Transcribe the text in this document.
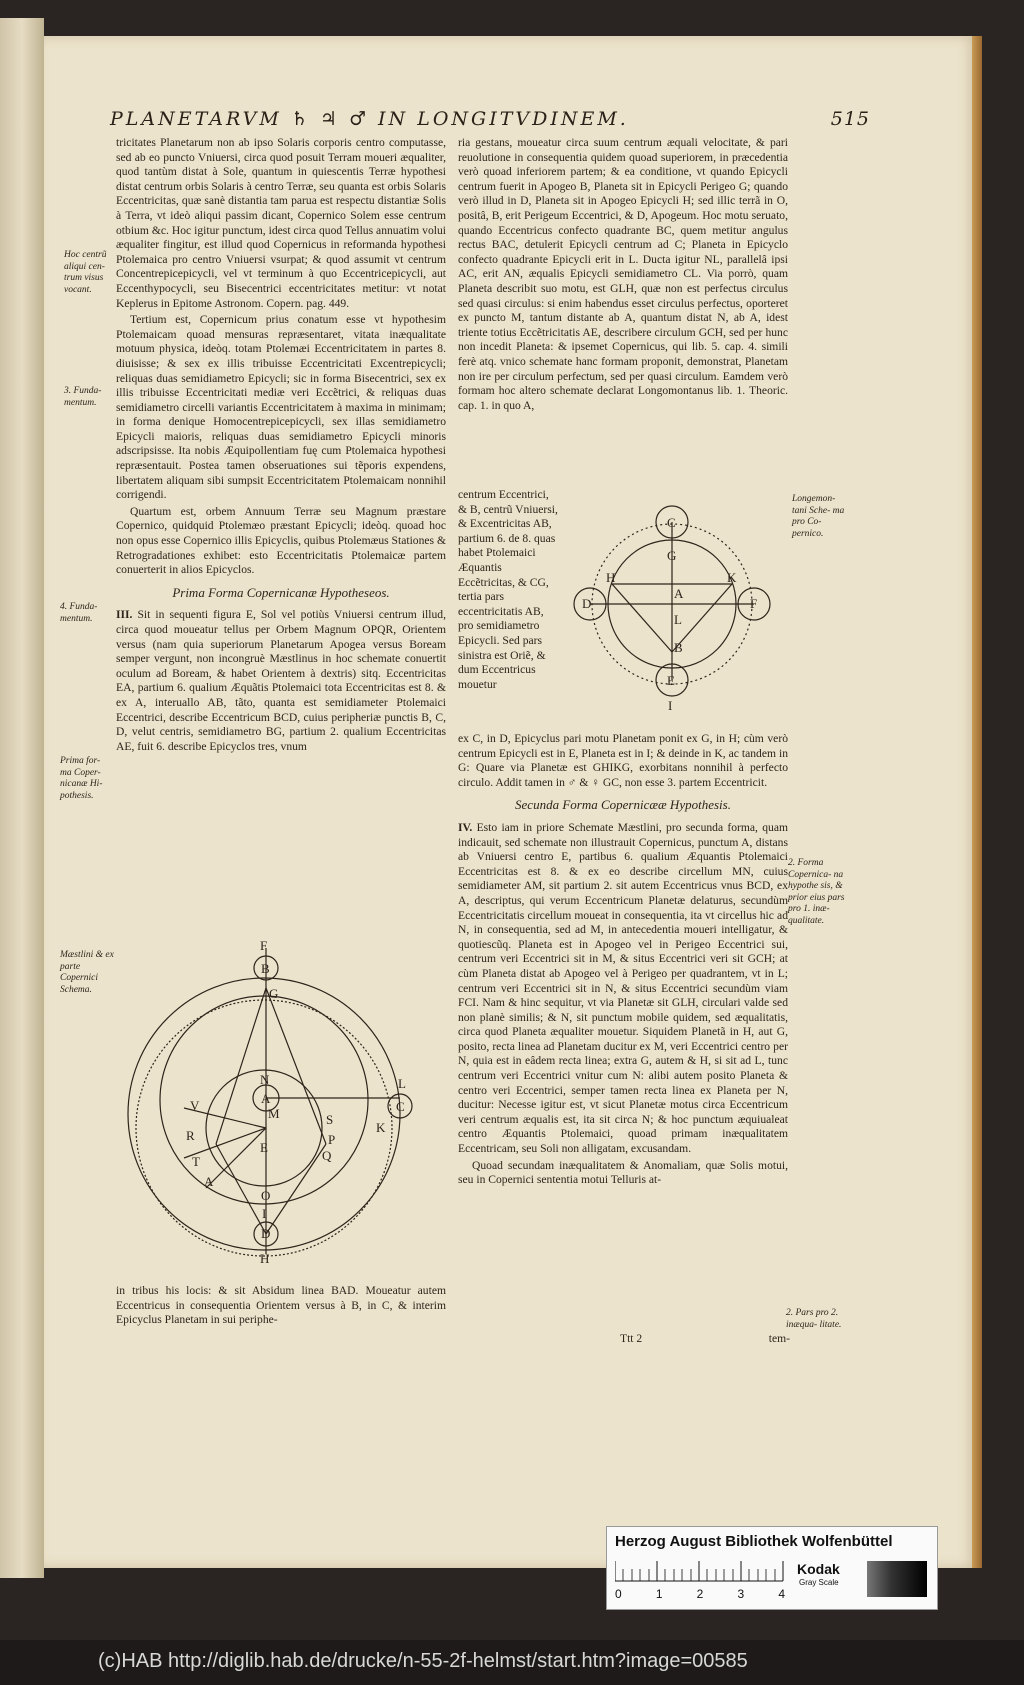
PLANETARVM ♄ ♃ ♂ IN LONGITVDINEM.	515

tricitates Planetarum non ab ipso Solaris corporis centro computasse, sed ab eo puncto Vniuersi, circa quod posuit Terram moueri æqualiter, quod tantùm distat à Sole, quantum in quiescentis Terræ hypothesi distat centrum orbis Solaris à centro Terræ, seu quanta est orbis Solaris Eccentricitas, quæ sanè distantia tam parua est respectu distantiæ Solis à Terra, vt ideò aliqui passim dicant, Copernico Solem esse centrum otbium &c. Hoc igitur punctum, idest circa quod Tellus annuatim volui æqualiter fingitur, est illud quod Copernicus in reformanda hypothesi Ptolemaica pro centro Vniuersi vsurpat; & quod assumit vt centrum Concentrepicepicycli, vel vt terminum à quo Eccentricepicycli, aut Eccenthypocycli, seu Bisecentrici eccentricitates metitur: vt notat Keplerus in Epitome Astronom. Copern. pag. 449.

Tertium est, Copernicum prius conatum esse vt hypothesim Ptolemaicam quoad mensuras repræsentaret, vitata inæqualitate motuum physica, ideòq. totam Ptolemæi Eccentricitatem in partes 8. diuisisse; & sex ex illis tribuisse Eccentricitati Excentrepicycli; reliquas duas semidiametro Epicycli; sic in forma Bisecentrici, sex ex illis tribuisse Eccentricitati mediæ veri Eccẽtrici, & reliquas duas semidiametro circelli variantis Eccentricitatem à maxima in minimam; in forma denique Homocentrepicepicycli, sex illas semidiametro Epicycli maioris, reliquas duas semidiametro Epicycli minoris adscripsisse. Ita nobis Æquipollentiam fuę cum Ptolemaica hypothesi repræsentauit. Postea tamen obseruationes sui tẽporis expendens, libertatem aliquam sibi sumpsit Eccentricitatem Ptolemaicam nonnihil corrigendi.

Quartum est, orbem Annuum Terræ seu Magnum præstare Copernico, quidquid Ptolemæo præstant Epicycli; ideòq. quoad hoc non opus esse Copernico illis Epicyclis, quibus Ptolemæus Stationes & Retrogradationes exhibet: esto Eccentricitatis Ptolemaicæ partem conuerterit in alios Epicyclos.

Prima Forma Copernicanæ Hypotheseos.

III. Sit in sequenti figura E, Sol vel potiùs Vniuersi centrum illud, circa quod moueatur tellus per Orbem Magnum OPQR, Orientem versus (nam quia superiorum Planetarum Apogea versus Boream semper vergunt, non incongruè Mæstlinus in hoc schemate conuertit oculum ad Boream, & habet Orientem à dextris) sitq. Eccentricitas EA, partium 6. qualium Æquãtis Ptolemaici tota Eccentricitas est 8. & ex A, interuallo AB, tãto, quanta est semidiameter Ptolemaici Eccentrici, describe Eccentricum BCD, cuius peripheriæ punctis B, C, D, velut centris, semidiametro BG, partium 2. qualium Eccentricitas AE, fuit 6. describe Epicyclos tres, vnum

in tribus his locis: & sit Absidum linea BAD. Moueatur autem Eccentricus in consequentia Orientem versus à B, in C, & interim Epicyclus Planetam in sui periphe-

ria gestans, moueatur circa suum centrum æquali velocitate, & pari reuolutione in consequentia quidem quoad superiorem, in præcedentia verò quoad inferiorem partem; & ea conditione, vt quando Epicycli centrum fuerit in Apogeo B, Planeta sit in Epicycli Perigeo G; quando verò illud in D, Planeta sit in Apogeo Epicycli H; sed illic terrã in O, positâ, B, erit Perigeum Eccentrici, & D, Apogeum. Hoc motu seruato, quando Eccentricus confecto quadrante BC, quem metitur angulus rectus BAC, detulerit Epicycli centrum ad C; Planeta in Epicyclo confecto quadrante Epicycli erit in L. Ducta igitur NL, parallelâ ipsi AC, erit AN, æqualis Epicycli semidiametro CL. Via porrò, quam Planeta describit suo motu, est GLH, quæ non est perfectus circulus sed quasi circulus: si enim habendus esset circulus perfectus, oporteret ex puncto M, tantum distante ab A, quantum distat N, ab A, idest triente totius Eccẽtricitatis AE, describere circulum GCH, sed per hunc non incedit Planeta: & ipsemet Copernicus, qui lib. 5. cap. 4. simili ferè atq. vnico schemate hanc formam proponit, demonstrat, Planetam non ire per circulum perfectum, sed per quasi circulum. Eamdem verò formam hoc altero schemate declarat Longomontanus lib. 1. Theoric. cap. 1. in quo A,

centrum Eccentrici, & B, centrũ Vniuersi, & Excentricitas AB, partium 6. de 8. quas habet Ptolemaici Æquantis Eccẽtricitas, & CG, tertia pars eccentricitatis AB, pro semidiametro Epicycli. Sed pars sinistra est Oriẽ, & dum Eccentricus mouetur

ex C, in D, Epicyclus pari motu Planetam ponit ex G, in H; cùm verò centrum Epicycli est in E, Planeta est in I; & deinde in K, ac tandem in G: Quare via Planetæ est GHIKG, exorbitans nonnihil à perfecto circulo. Addit tamen in ♂ & ♀ GC, non esse 3. partem Eccentricit.

Secunda Forma Copernicææ Hypothesis.

IV. Esto iam in priore Schemate Mæstlini, pro secunda forma, quam indicauit, sed schemate non illustrauit Copernicus, punctum A, distans ab Vniuersi centro E, partibus 6. qualium Æquantis Ptolemaici Eccentricitas est 8. & ex eo describe circellum MN, cuius semidiameter AM, sit partium 2. sit autem Eccentricus vnus BCD, ex A, descriptus, qui verum Eccentricum Planetæ delaturus, secundùm Eccentricitatis circellum moueat in consequentia, ita vt circellus hic ad N, in consequentia, sed ad M, in antecedentia moueri intelligatur, & quotiescũq. Planeta est in Apogeo vel in Perigeo Eccentrici sui, centrum veri Eccentrici sit in M, & situs Eccentrici veri sit GCH; at cùm Planeta distat ab Apogeo vel à Perigeo per quadrantem, vt in L; centrum veri Eccentrici sit in N, & situs Eccentrici secundùm viam FCI. Nam & hinc sequitur, vt via Planetæ sit GLH, circulari valde sed non planè similis; & N, sit punctum mobile quidem, sed æqualitatis, circa quod Planeta æqualiter mouetur. Siquidem Planetã in H, aut G, posito, recta linea ad Planetam ducitur ex M, veri Eccentrici centro per N, quia est in eâdem recta linea; extra G, autem & H, si sit ad L, tunc centrum veri Eccentrici vnitur cum N: alibi autem posito Planeta & centro veri Eccentrici, semper tamen recta linea ex Planeta per N, ducitur: Necesse igitur est, vt sicut Planetæ motus circa Eccentricum veri centrum æqualis est, ita sit circa N; & hoc punctum æquiualeat centro Æquantis Ptolemaici, quoad primam inæqualitatem Eccentricam, seu Soli non alligatam, excusandam.

Quoad secundam inæqualitatem & Anomaliam, quæ Solis motui, seu in Copernici sententia motui Telluris at-

Ttt 2	tem-
Hoc centrũ aliqui cen- trum visus vocant.
3. Funda- mentum.
4. Funda- mentum.
Prima for- ma Coper- nicanæ Hi- pothesis.
Mæstlini & ex parte Copernici Schema.
Longemon- tani Sche- ma pro Co- pernico.
2. Forma Copernica- na hypothe sis, & prior eius pars pro 1. inæ- qualitate.
2. Pars pro 2. inæqua- litate.
C
G
H	K
A
L
D	F
B
E
I
F
B
G
L
C
K
V
R
T
A
S
P
Q
N
M
E
O
I
D
H
A
Herzog August Bibliothek Wolfenbüttel
0	1	2	3	4
Kodak
Gray Scale
(c)HAB http://diglib.hab.de/drucke/n-55-2f-helmst/start.htm?image=00585
